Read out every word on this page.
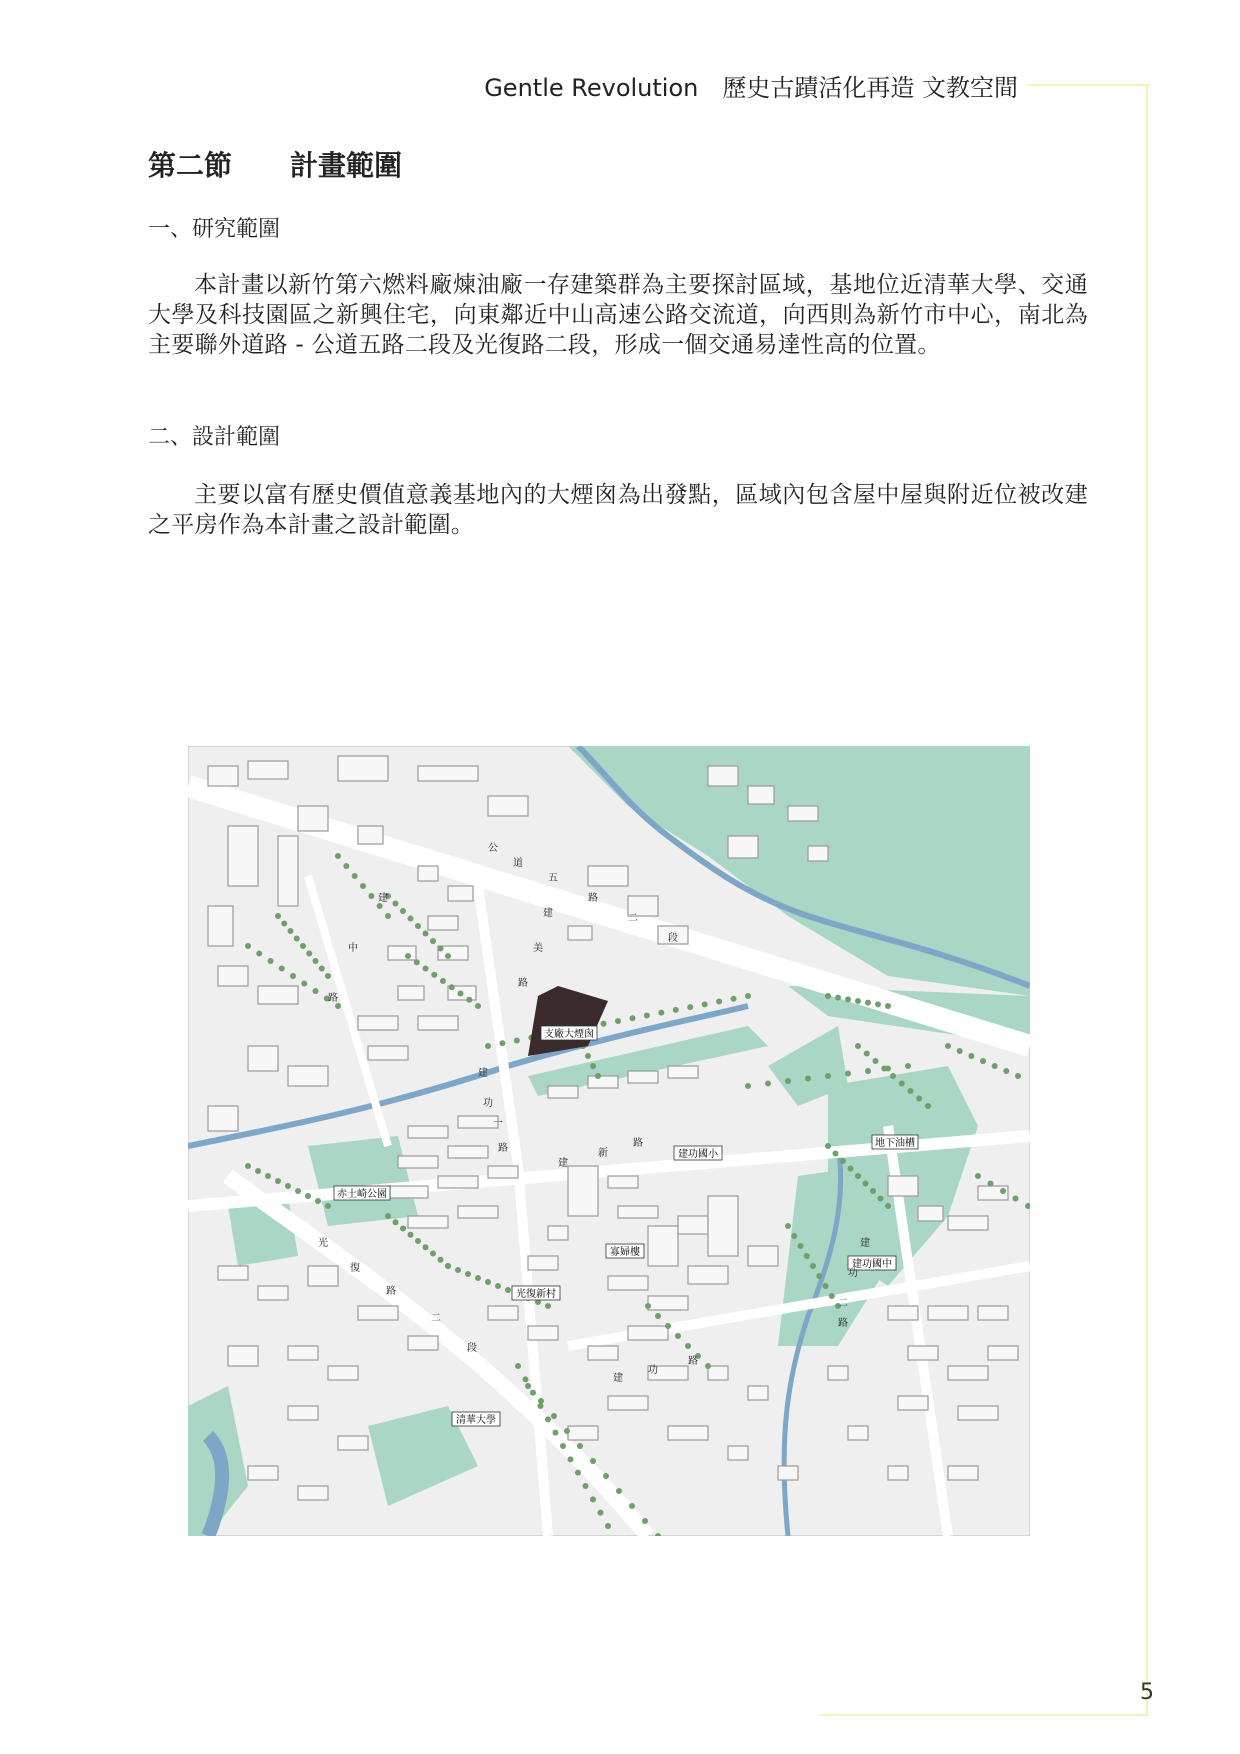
Gentle Revolution 歷史古蹟活化再造 文教空間
第二節 計畫範圍
一、研究範圍
本計畫以新竹第六燃料廠煉油廠一存建築群為主要探討區域，基地位近清華大學、交通大學及科技園區之新興住宅，向東鄰近中山高速公路交流道，向西則為新竹市中心，南北為主要聯外道路 - 公道五路二段及光復路二段，形成一個交通易達性高的位置。
二、設計範圍
主要以富有歷史價值意義基地內的大煙囪為出發點，區域內包含屋中屋與附近位被改建之平房作為本計畫之設計範圍。
支廠大煙囪
建功國小
地下油槽
赤土崎公園
寡婦樓
建功國中
光復新村
清華大學
公
道
五
路
二
段
建
中
路
建
美
路
建
功
一
路
建
新
路
光
復
路
二
段
建
功
路
建
功
二
路
5
